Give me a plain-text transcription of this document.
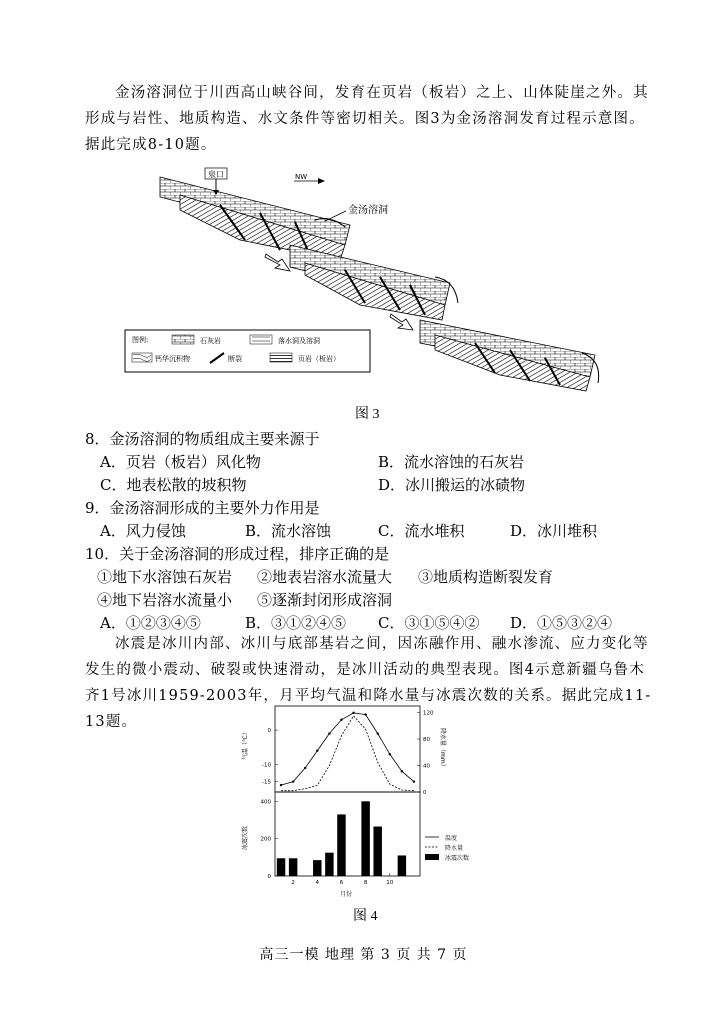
金汤溶洞位于川西高山峡谷间，发育在页岩（板岩）之上、山体陡崖之外。其形成与岩性、地质构造、水文条件等密切相关。图3为金汤溶洞发育过程示意图。据此完成8-10题。
泉口	NW
金汤溶洞
图例:	石灰岩	落水洞及溶洞
钙华沉积物	断裂	页岩（板岩）
图 3
8．金汤溶洞的物质组成主要来源于
A．页岩（板岩）风化物	B．流水溶蚀的石灰岩
C．地表松散的坡积物	D．冰川搬运的冰碛物
9．金汤溶洞形成的主要外力作用是
A．风力侵蚀	B．流水溶蚀	C．流水堆积	D．冰川堆积
10．关于金汤溶洞的形成过程，排序正确的是
①地下水溶蚀石灰岩 ②地表岩溶水流量大 ③地质构造断裂发育
④地下岩溶水流量小 ⑤逐渐封闭形成溶洞
A．①②③④⑤	B．③①②④⑤ C．③①⑤④② D．①⑤③②④
冰震是冰川内部、冰川与底部基岩之间，因冻融作用、融水渗流、应力变化等发生的微小震动、破裂或快速滑动，是冰川活动的典型表现。图4示意新疆乌鲁木齐1号冰川1959-2003年，月平均气温和降水量与冰震次数的关系。据此完成11-13题。
0
-10
-15
120
80
40
0
400
200
0
2	4	6	8	10
气温（℃）	降水量（mm）
冰震次数
月份
温度
降水量
冰震次数
图 4
高三一模 地理 第 3 页 共 7 页
